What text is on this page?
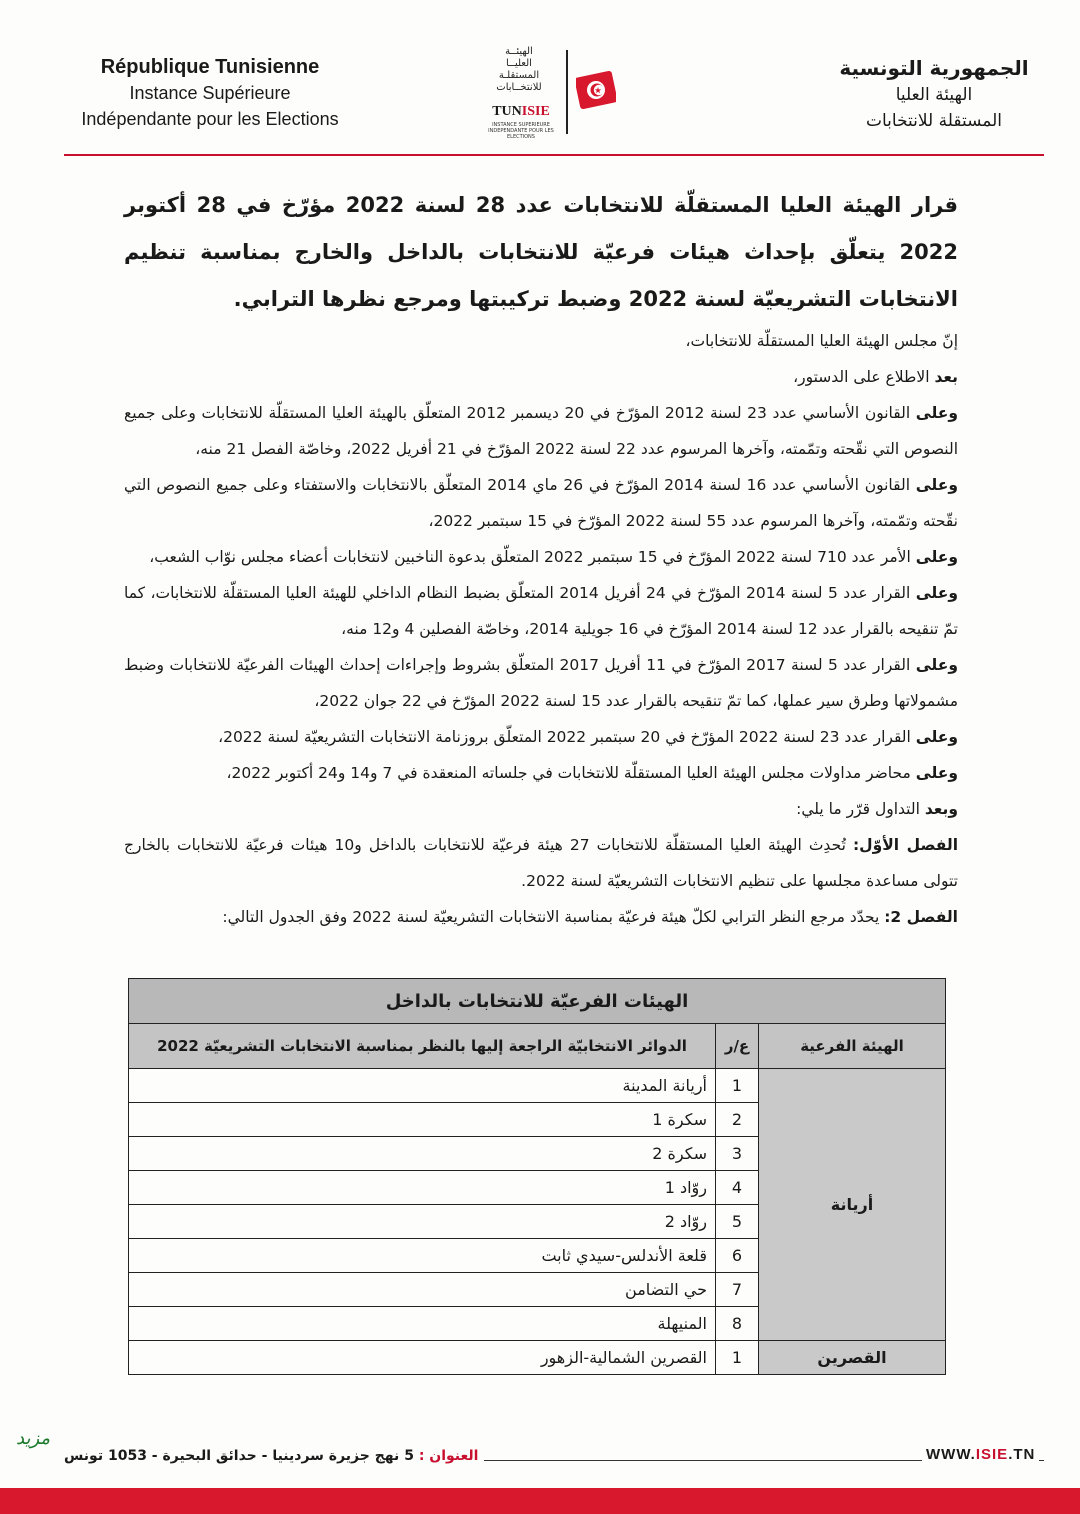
République Tunisienne
Instance Supérieure
Indépendante pour les Elections
الهيئــة
العليــا
المستقلـة
للانتخــابات
TUNISIE
INSTANCE SUPERIEURE INDEPENDANTE POUR LES ELECTIONS
الجمهورية التونسية
الهيئة العليا
المستقلة للانتخابات

قرار الهيئة العليا المستقلّة للانتخابات عدد 28 لسنة 2022 مؤرّخ في 28 أكتوبر 2022 يتعلّق بإحداث هيئات فرعيّة للانتخابات بالداخل والخارج بمناسبة تنظيم الانتخابات التشريعيّة لسنة 2022 وضبط تركيبتها ومرجع نظرها الترابي.

إنّ مجلس الهيئة العليا المستقلّة للانتخابات،

بعد الاطلاع على الدستور،

وعلى القانون الأساسي عدد 23 لسنة 2012 المؤرّخ في 20 ديسمبر 2012 المتعلّق بالهيئة العليا المستقلّة للانتخابات وعلى جميع النصوص التي نقّحته وتمّمته، وآخرها المرسوم عدد 22 لسنة 2022 المؤرّخ في 21 أفريل 2022، وخاصّة الفصل 21 منه،

وعلى القانون الأساسي عدد 16 لسنة 2014 المؤرّخ في 26 ماي 2014 المتعلّق بالانتخابات والاستفتاء وعلى جميع النصوص التي نقّحته وتمّمته، وآخرها المرسوم عدد 55 لسنة 2022 المؤرّخ في 15 سبتمبر 2022،

وعلى الأمر عدد 710 لسنة 2022 المؤرّخ في 15 سبتمبر 2022 المتعلّق بدعوة الناخبين لانتخابات أعضاء مجلس نوّاب الشعب،

وعلى القرار عدد 5 لسنة 2014 المؤرّخ في 24 أفريل 2014 المتعلّق بضبط النظام الداخلي للهيئة العليا المستقلّة للانتخابات، كما تمّ تنقيحه بالقرار عدد 12 لسنة 2014 المؤرّخ في 16 جويلية 2014، وخاصّة الفصلين 4 و12 منه،

وعلى القرار عدد 5 لسنة 2017 المؤرّخ في 11 أفريل 2017 المتعلّق بشروط وإجراءات إحداث الهيئات الفرعيّة للانتخابات وضبط مشمولاتها وطرق سير عملها، كما تمّ تنقيحه بالقرار عدد 15 لسنة 2022 المؤرّخ في 22 جوان 2022،

وعلى القرار عدد 23 لسنة 2022 المؤرّخ في 20 سبتمبر 2022 المتعلّق بروزنامة الانتخابات التشريعيّة لسنة 2022،

وعلى محاضر مداولات مجلس الهيئة العليا المستقلّة للانتخابات في جلساته المنعقدة في 7 و14 و24 أكتوبر 2022،

وبعد التداول قرّر ما يلي:

الفصل الأوّل: تُحدِث الهيئة العليا المستقلّة للانتخابات 27 هيئة فرعيّة للانتخابات بالداخل و10 هيئات فرعيّة للانتخابات بالخارج تتولى مساعدة مجلسها على تنظيم الانتخابات التشريعيّة لسنة 2022.

الفصل 2: يحدّد مرجع النظر الترابي لكلّ هيئة فرعيّة بمناسبة الانتخابات التشريعيّة لسنة 2022 وفق الجدول التالي:

الهيئات الفرعيّة للانتخابات بالداخل		
الهيئة الفرعية	ع/ر	الدوائر الانتخابيّة الراجعة إليها بالنظر بمناسبة الانتخابات التشريعيّة 2022
أريانة	1	أريانة المدينة
	2	سكرة 1
	3	سكرة 2
	4	روّاد 1
	5	روّاد 2
	6	قلعة الأندلس-سيدي ثابت
	7	حي التضامن
	8	المنيهلة
القصرين	1	القصرين الشمالية-الزهور
WWW.ISIE.TN
العنوان : 5 نهج جزيرة سردينيا - حدائق البحيرة - 1053 تونس
مزيد
